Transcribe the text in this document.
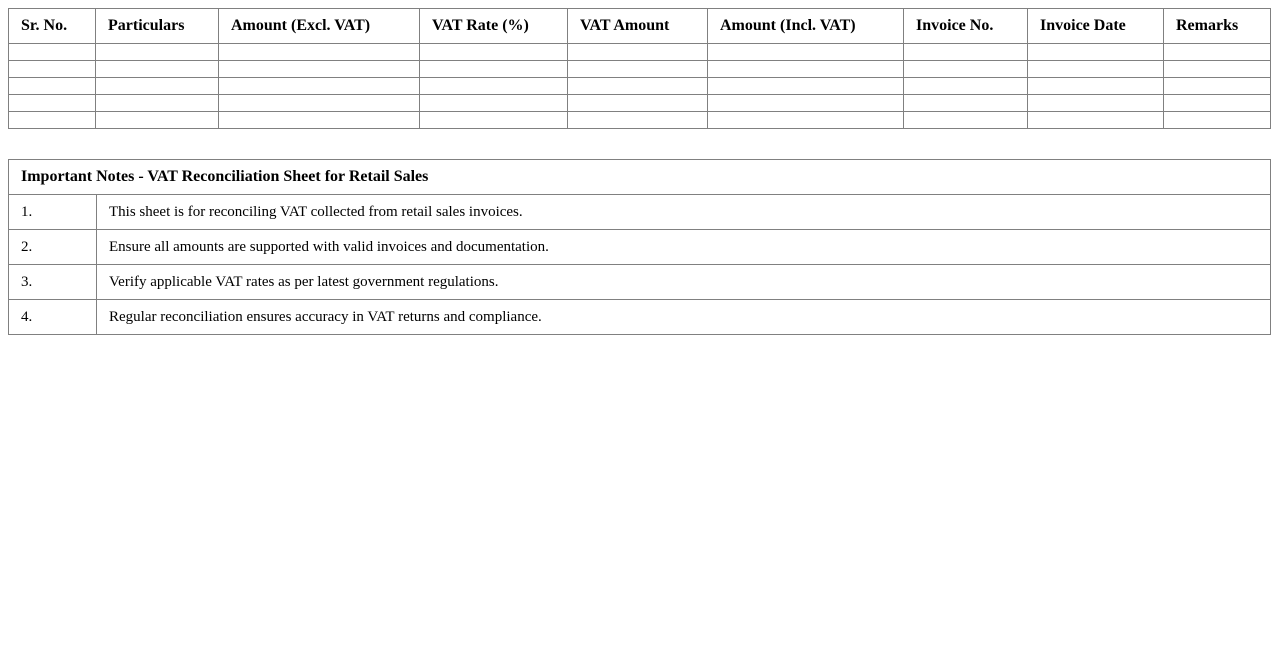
Sr. No.	Particulars	Amount (Excl. VAT)	VAT Rate (%)	VAT Amount	Amount (Incl. VAT)	Invoice No.	Invoice Date	Remarks

Important Notes - VAT Reconciliation Sheet for Retail Sales	
1.	This sheet is for reconciling VAT collected from retail sales invoices.
2.	Ensure all amounts are supported with valid invoices and documentation.
3.	Verify applicable VAT rates as per latest government regulations.
4.	Regular reconciliation ensures accuracy in VAT returns and compliance.
